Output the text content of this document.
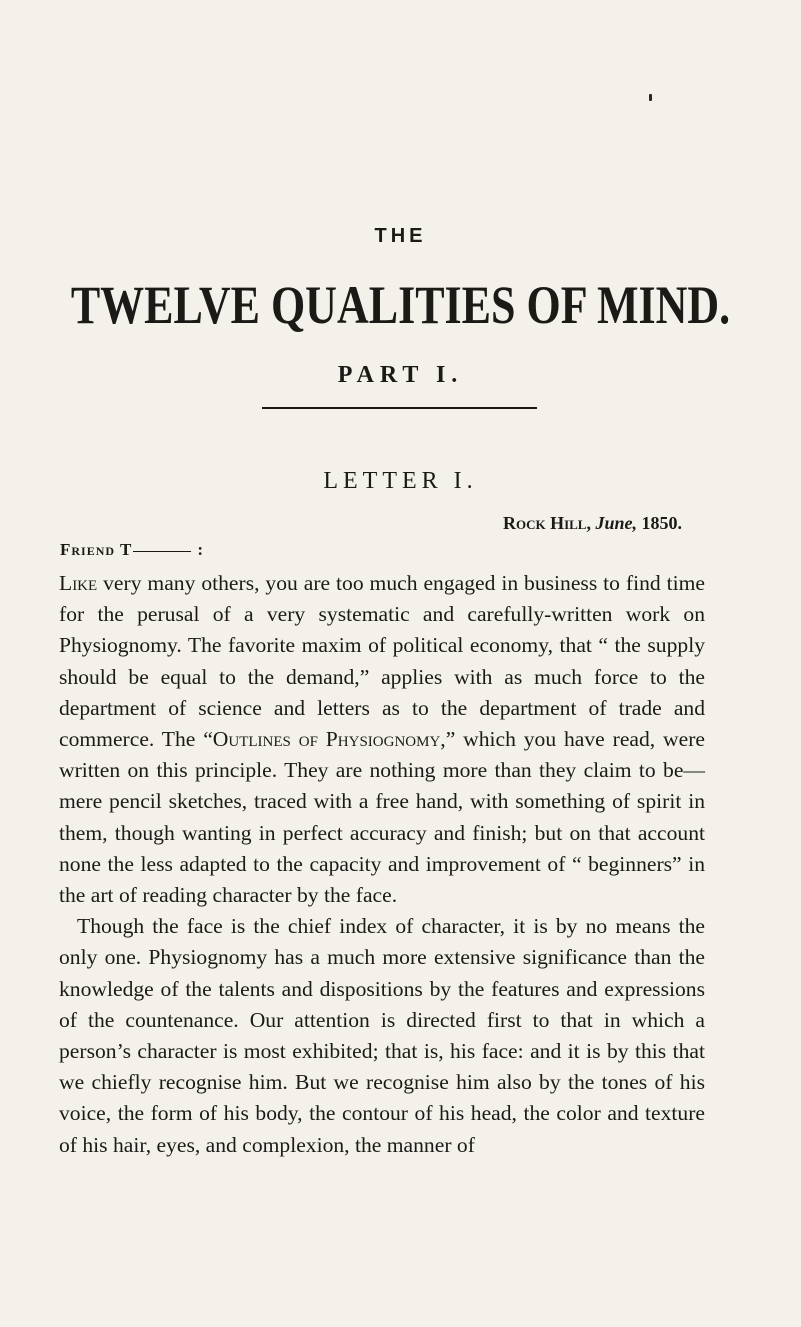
THE
TWELVE QUALITIES OF MIND.
PART I.
LETTER I.
Rock Hill, June, 1850.
Friend T	:

Like very many others, you are too much engaged in business to find time for the perusal of a very systematic and carefully-written work on Physiognomy. The favorite maxim of political economy, that “ the supply should be equal to the demand,” applies with as much force to the department of science and letters as to the department of trade and commerce. The “Outlines of Physiognomy,” which you have read, were written on this principle. They are nothing more than they claim to be—mere pencil sketches, traced with a free hand, with something of spirit in them, though wanting in perfect accuracy and finish; but on that account none the less adapted to the capacity and improvement of “ beginners” in the art of reading character by the face.

Though the face is the chief index of character, it is by no means the only one. Physiognomy has a much more extensive significance than the knowledge of the talents and dispositions by the features and expressions of the countenance. Our attention is directed first to that in which a person’s character is most exhibited; that is, his face: and it is by this that we chiefly recognise him. But we recognise him also by the tones of his voice, the form of his body, the contour of his head, the color and texture of his hair, eyes, and complexion, the manner of
